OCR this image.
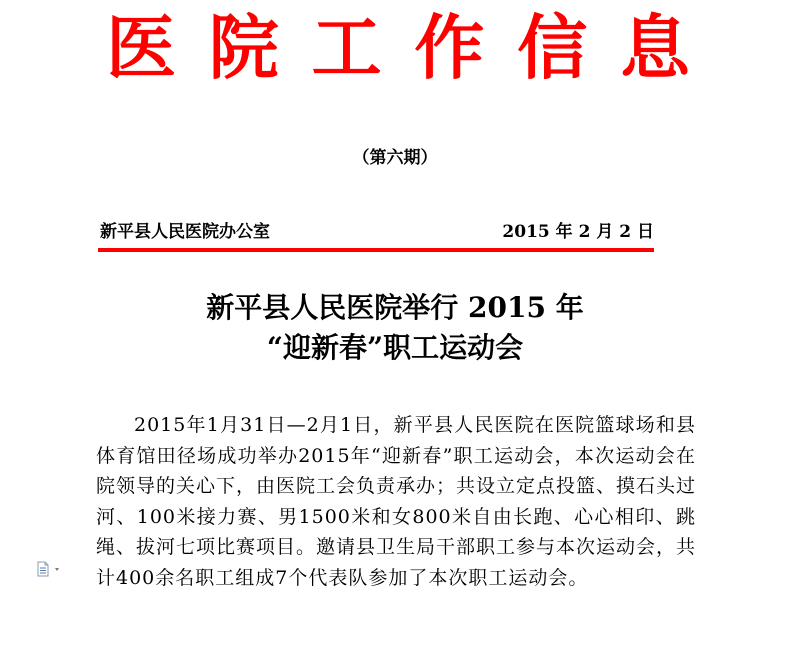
医 院 工 作 信 息
（第六期）
新平县人民医院办公室	2015 年 2 月 2 日
新平县人民医院举行 2015 年
“迎新春”职工运动会

2015年1月31日—2月1日，新平县人民医院在医院篮球场和县体育馆田径场成功举办2015年“迎新春”职工运动会，本次运动会在院领导的关心下，由医院工会负责承办；共设立定点投篮、摸石头过河、100米接力赛、男1500米和女800米自由长跑、心心相印、跳绳、拔河七项比赛项目。邀请县卫生局干部职工参与本次运动会，共计400余名职工组成7个代表队参加了本次职工运动会。
